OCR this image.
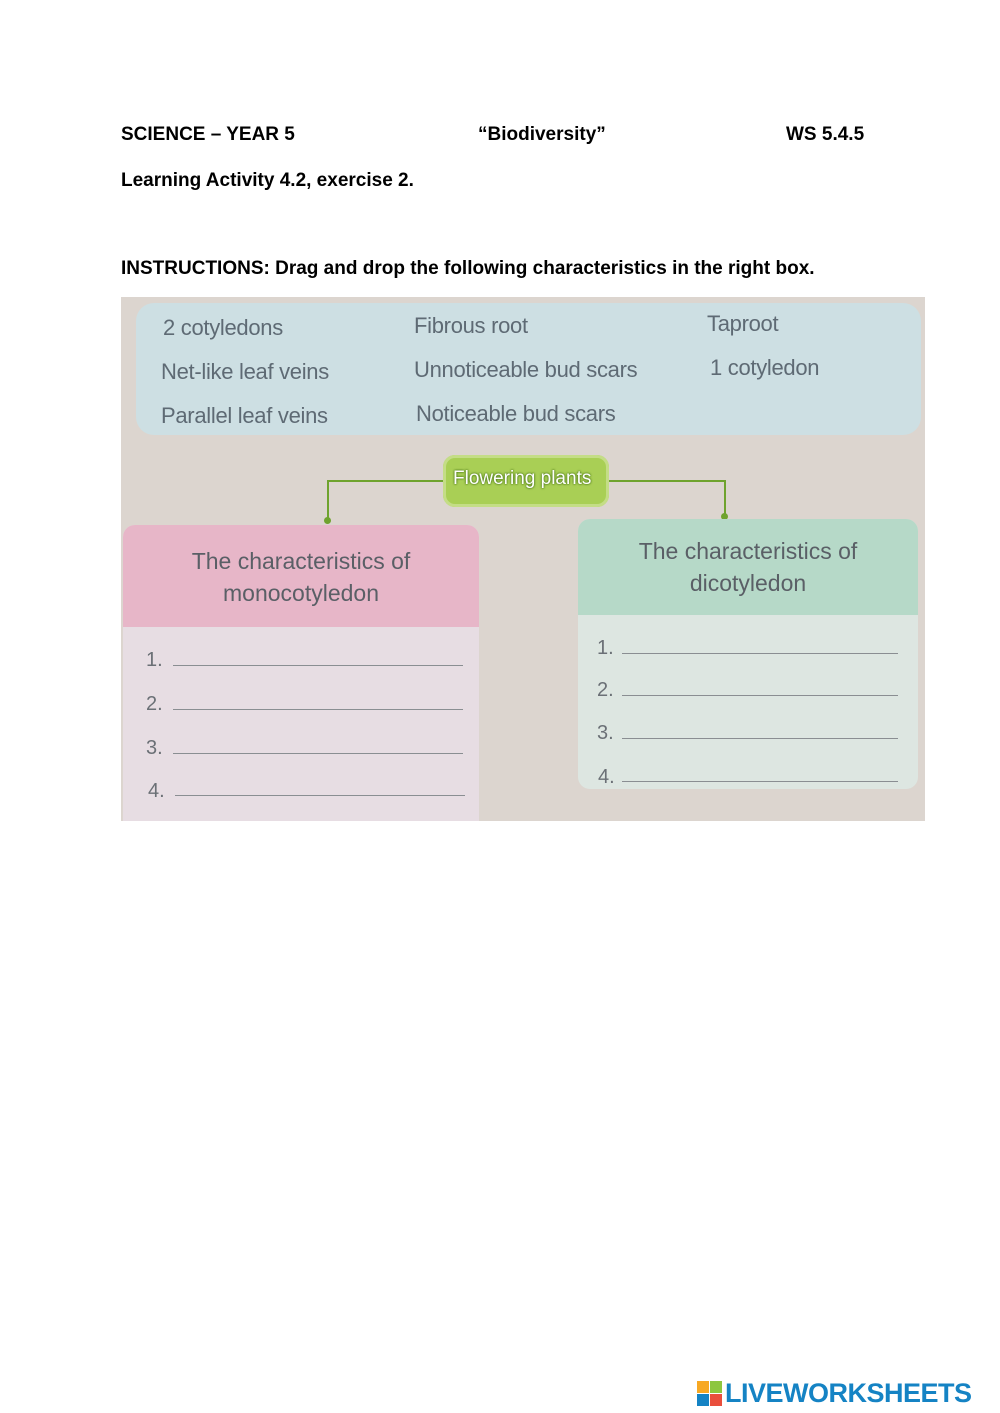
SCIENCE – YEAR 5	“Biodiversity”	WS 5.4.5
Learning Activity 4.2, exercise 2.
INSTRUCTIONS: Drag and drop the following characteristics in the right box.
2 cotyledons
Net-like leaf veins
Parallel leaf veins
Fibrous root
Unnoticeable bud scars
Noticeable bud scars
Taproot
1 cotyledon
Flowering plants
The characteristics of
monocotyledon
1.
2.
3.
4.
The characteristics of
dicotyledon
1.
2.
3.
4.
LIVEWORKSHEETS
